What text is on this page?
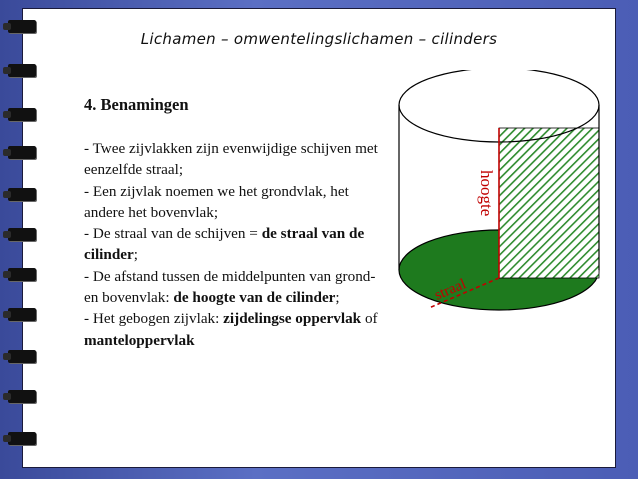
Lichamen – omwentelingslichamen – cilinders
4. Benamingen

- Twee zijvlakken zijn evenwijdige schijven met eenzelfde straal;

- Een zijvlak noemen we het grondvlak, het andere het bovenvlak;

- De straal van de schijven = de straal van de cilinder;

- De afstand tussen de middelpunten van grond- en bovenvlak: de hoogte van de cilinder;

- Het gebogen zijvlak: zijdelingse oppervlak of manteloppervlak

hoogte
straal
